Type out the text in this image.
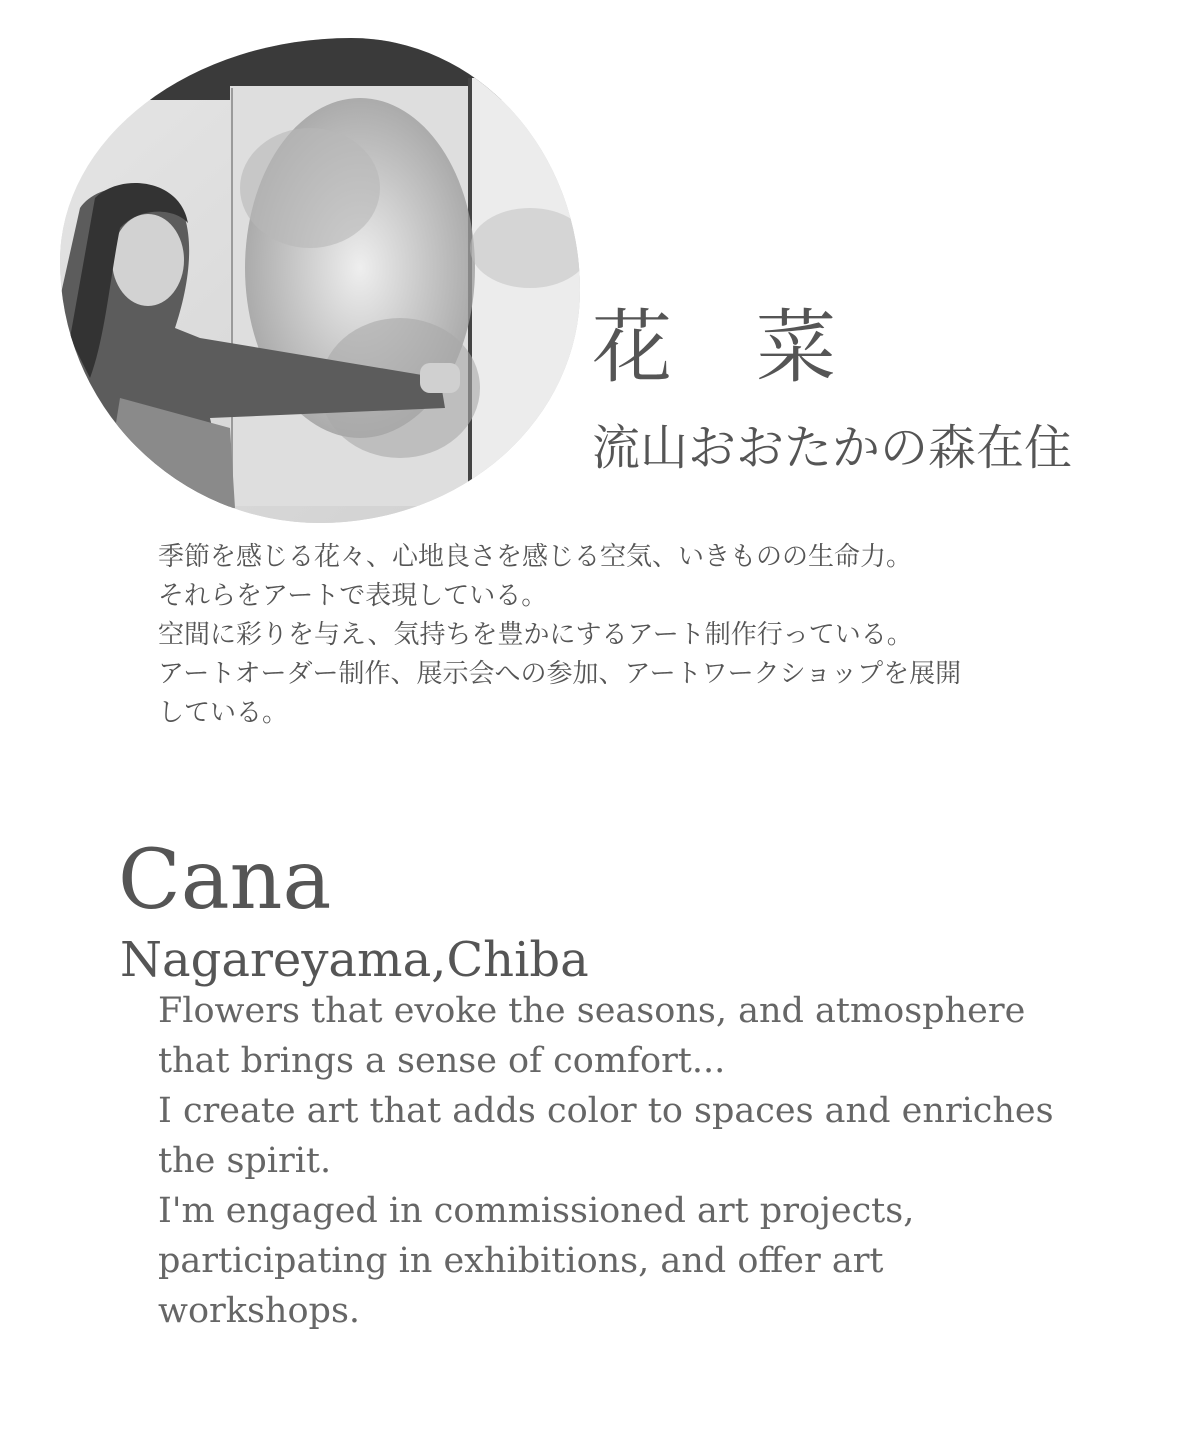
花　菜
流山おおたかの森在住
季節を感じる花々、心地良さを感じる空気、いきものの生命力。
それらをアートで表現している。
空間に彩りを与え、気持ちを豊かにするアート制作行っている。
アートオーダー制作、展示会への参加、アートワークショップを展開
している。
Cana
Nagareyama,Chiba
Flowers that evoke the seasons, and atmosphere
that brings a sense of comfort...
I create art that adds color to spaces and enriches
the spirit.
I'm engaged in commissioned art projects,
participating in exhibitions, and offer art
workshops.
